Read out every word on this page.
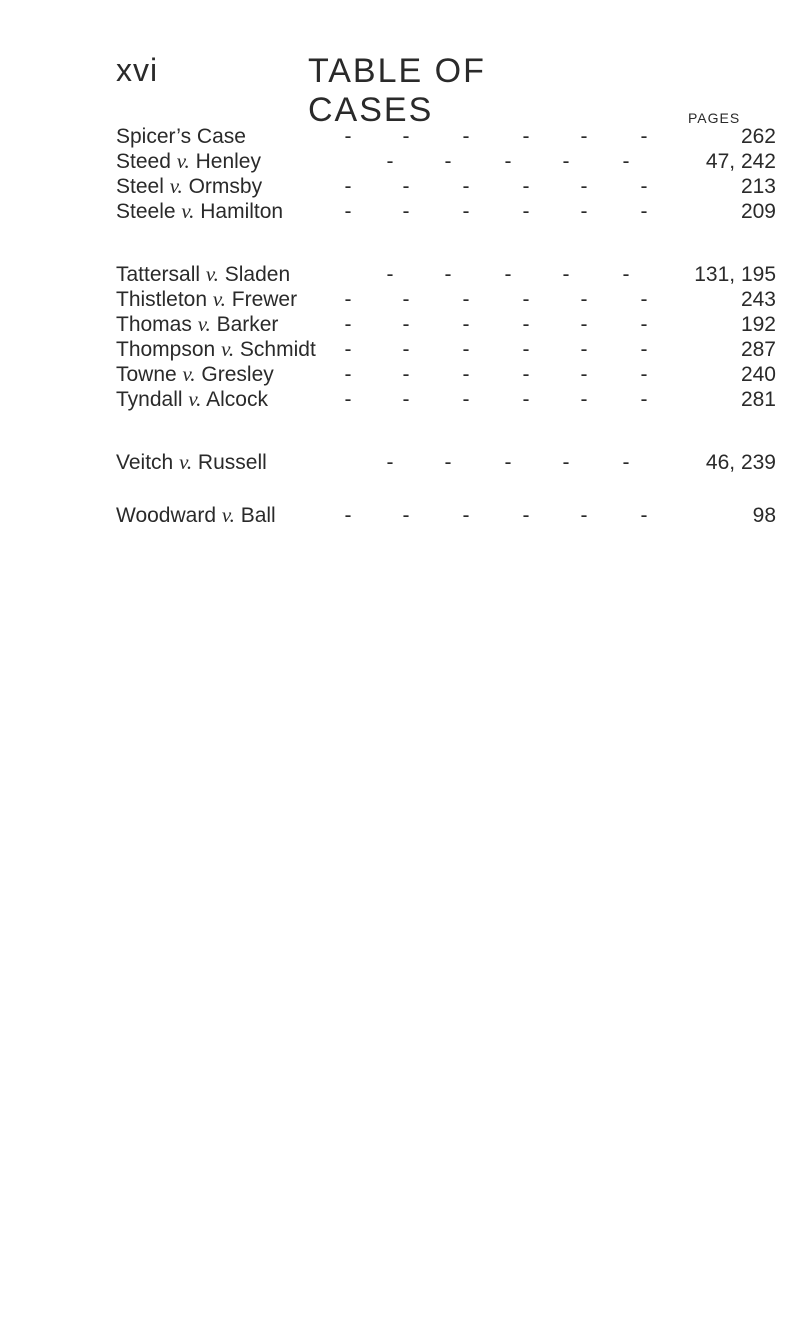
xvi	TABLE OF CASES	PAGES
Spicer’s Case	- -	-	- -	-	262
Steed v. Henley	- -	- -	-	47, 242
Steel v. Ormsby	- -	-	- -	-	213
Steele v. Hamilton	- -	-	- -	-	209
Tattersall v. Sladen	- -	- -	-	131, 195
Thistleton v. Frewer - -	-	- -	-	243
Thomas v. Barker	- -	-	- -	-	192
Thompson v. Schmidt - -	-	- -	-	287
Towne v. Gresley	- -	-	- -	-	240
Tyndall v. Alcock	- -	-	- -	-	281
Veitch v. Russell	- -	- -	-	46, 239
Woodward v. Ball	- -	-	- -	-	98
